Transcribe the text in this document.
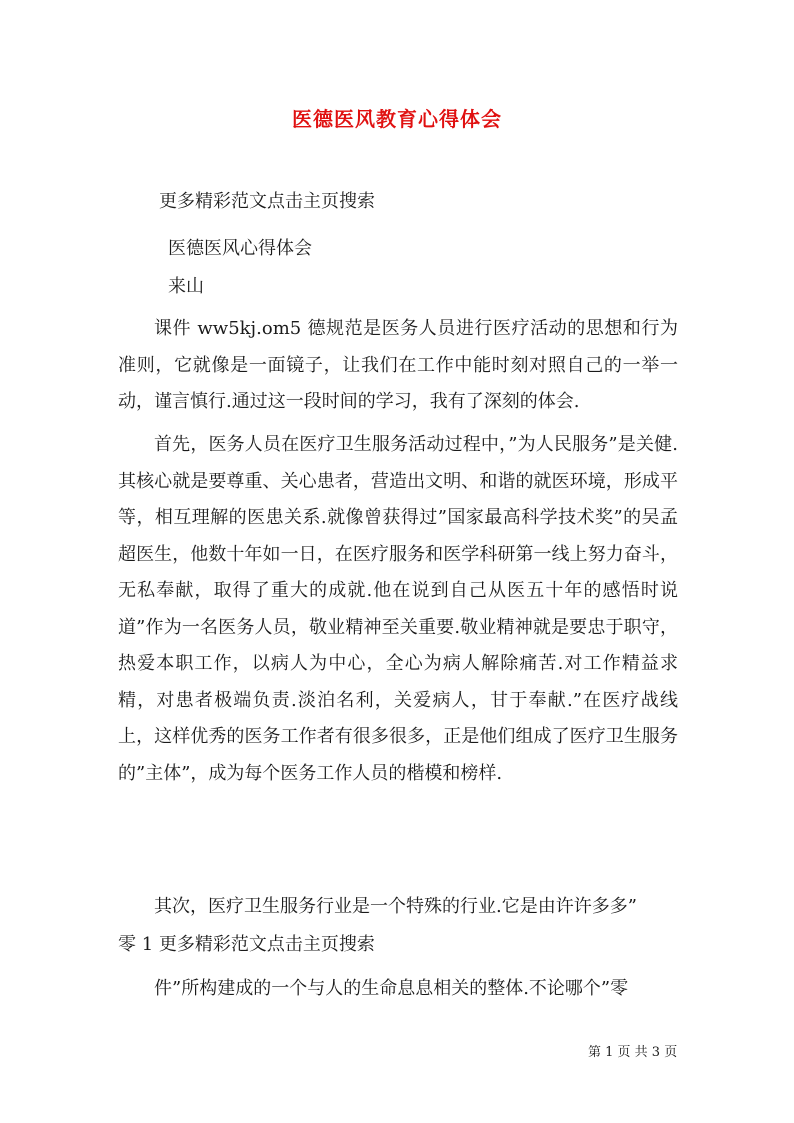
医德医风教育心得体会
更多精彩范文点击主页搜索
医德医风心得体会
来山

课件 ww5kj.om5 德规范是医务人员进行医疗活动的思想和行为准则，它就像是一面镜子，让我们在工作中能时刻对照自己的一举一动，谨言慎行.通过这一段时间的学习，我有了深刻的体会.

首先，医务人员在医疗卫生服务活动过程中，”为人民服务”是关健.其核心就是要尊重、关心患者，营造出文明、和谐的就医环境，形成平等，相互理解的医患关系.就像曾获得过”国家最高科学技术奖”的吴孟超医生，他数十年如一日，在医疗服务和医学科研第一线上努力奋斗，无私奉献，取得了重大的成就.他在说到自己从医五十年的感悟时说道”作为一名医务人员，敬业精神至关重要.敬业精神就是要忠于职守，热爱本职工作，以病人为中心，全心为病人解除痛苦.对工作精益求精，对患者极端负责.淡泊名利，关爱病人，甘于奉献.”在医疗战线上，这样优秀的医务工作者有很多很多，正是他们组成了医疗卫生服务的”主体”，成为每个医务工作人员的楷模和榜样.

其次，医疗卫生服务行业是一个特殊的行业.它是由许许多多”

零 1 更多精彩范文点击主页搜索
件”所构建成的一个与人的生命息息相关的整体.不论哪个”零
第 1 页 共 3 页
